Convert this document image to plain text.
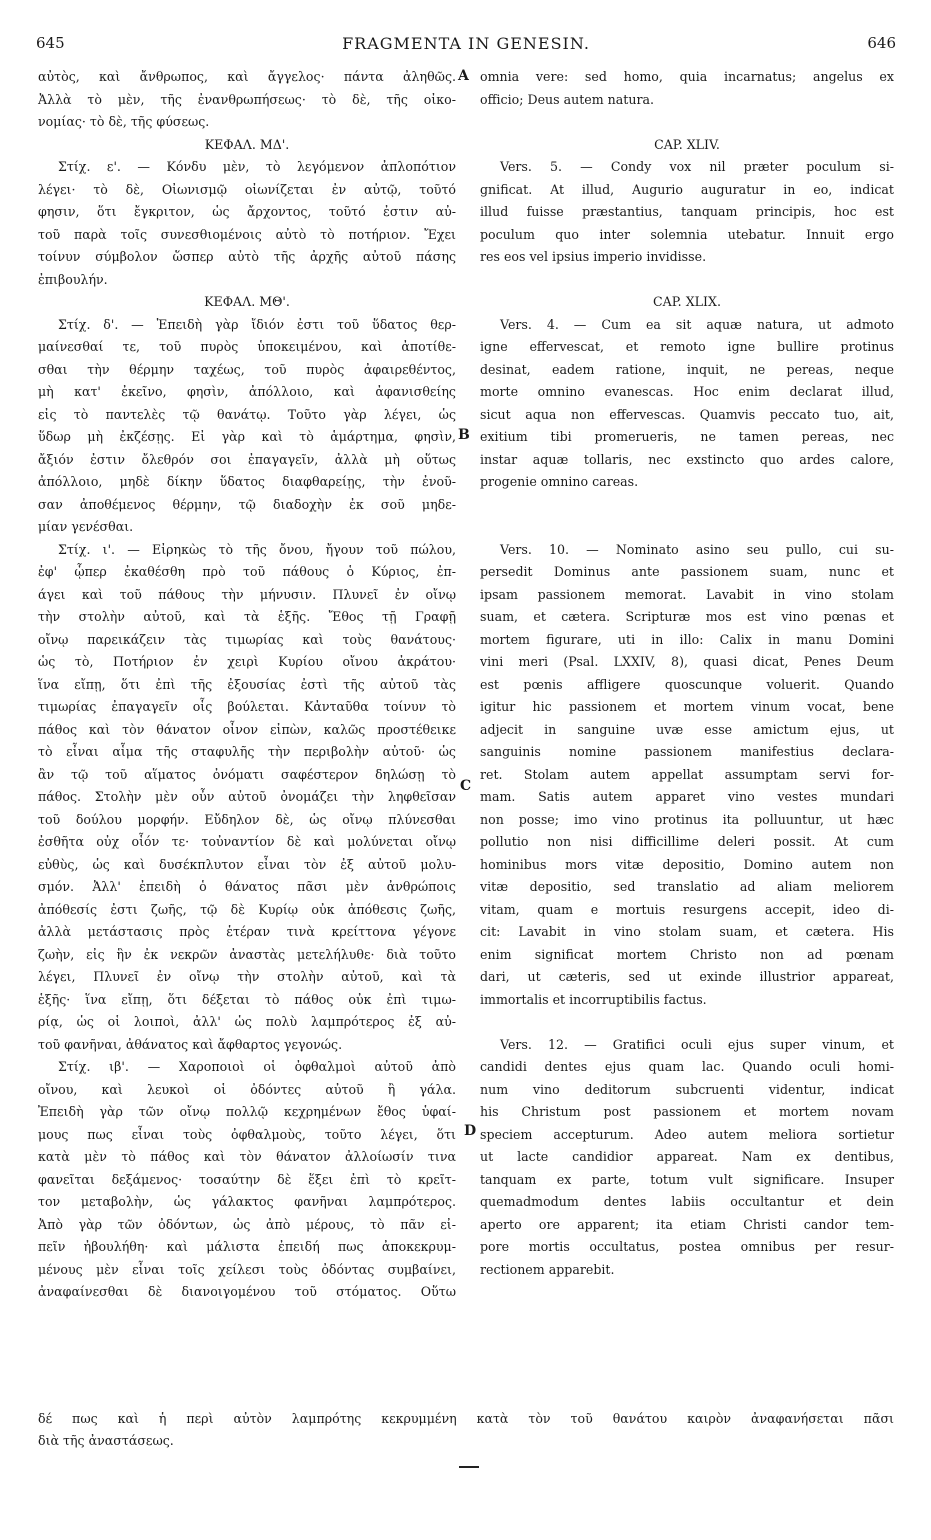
645	FRAGMENTA IN GENESIN.	646

αὐτὸς, καὶ ἄνθρωπος, καὶ ἄγγελος· πάντα ἀληθῶς.

Ἀλλὰ τὸ μὲν, τῆς ἐνανθρωπήσεως· τὸ δὲ, τῆς οἰκο-

νομίας· τὸ δὲ, τῆς φύσεως.

ΚΕΦΑΛ. ΜΔ'.

Στίχ. ε'. — Κόνδυ μὲν, τὸ λεγόμενον ἀπλοπότιον

λέγει· τὸ δὲ, Οἰωνισμῷ οἰωνίζεται ἐν αὐτῷ, τοῦτό

φησιν, ὅτι ἔγκριτον, ὡς ἄρχοντος, τοῦτό ἐστιν αὐ-

τοῦ παρὰ τοῖς συνεσθιομένοις αὐτὸ τὸ ποτήριον. Ἔχει

τοίνυν σύμβολον ὥσπερ αὐτὸ τῆς ἀρχῆς αὐτοῦ πάσης

ἐπιβουλήν.

ΚΕΦΑΛ. ΜΘ'.

Στίχ. δ'. — Ἐπειδὴ γὰρ ἴδιόν ἐστι τοῦ ὕδατος θερ-

μαίνεσθαί τε, τοῦ πυρὸς ὑποκειμένου, καὶ ἀποτίθε-

σθαι τὴν θέρμην ταχέως, τοῦ πυρὸς ἀφαιρεθέντος,

μὴ κατ' ἐκεῖνο, φησὶν, ἀπόλλοιο, καὶ ἀφανισθείης

εἰς τὸ παντελὲς τῷ θανάτῳ. Τοῦτο γὰρ λέγει, ὡς

ὕδωρ μὴ ἐκζέσῃς. Εἰ γὰρ καὶ τὸ ἁμάρτημα, φησὶν,

ἄξιόν ἐστιν ὄλεθρόν σοι ἐπαγαγεῖν, ἀλλὰ μὴ οὕτως

ἀπόλλοιο, μηδὲ δίκην ὕδατος διαφθαρείῃς, τὴν ἐνοῦ-

σαν ἀποθέμενος θέρμην, τῷ διαδοχὴν ἐκ σοῦ μηδε-

μίαν γενέσθαι.

Στίχ. ι'. — Εἰρηκὼς τὸ τῆς ὄνου, ἤγουν τοῦ πώλου,

ἐφ' ᾧπερ ἐκαθέσθη πρὸ τοῦ πάθους ὁ Κύριος, ἐπ-

άγει καὶ τοῦ πάθους τὴν μήνυσιν. Πλυνεῖ ἐν οἴνῳ

τὴν στολὴν αὐτοῦ, καὶ τὰ ἑξῆς. Ἔθος τῇ Γραφῇ

οἴνῳ παρεικάζειν τὰς τιμωρίας καὶ τοὺς θανάτους·

ὡς τὸ, Ποτήριον ἐν χειρὶ Κυρίου οἴνου ἀκράτου·

ἵνα εἴπῃ, ὅτι ἐπὶ τῆς ἐξουσίας ἐστὶ τῆς αὐτοῦ τὰς

τιμωρίας ἐπαγαγεῖν οἷς βούλεται. Κἀνταῦθα τοίνυν τὸ

πάθος καὶ τὸν θάνατον οἶνον εἰπὼν, καλῶς προστέθεικε

τὸ εἶναι αἷμα τῆς σταφυλῆς τὴν περιβολὴν αὐτοῦ· ὡς

ἂν τῷ τοῦ αἵματος ὀνόματι σαφέστερον δηλώσῃ τὸ

πάθος. Στολὴν μὲν οὖν αὐτοῦ ὀνομάζει τὴν ληφθεῖσαν

τοῦ δούλου μορφήν. Εὔδηλον δὲ, ὡς οἴνῳ πλύνεσθαι

ἐσθῆτα οὐχ οἷόν τε· τοὐναντίον δὲ καὶ μολύνεται οἴνῳ

εὐθὺς, ὡς καὶ δυσέκπλυτον εἶναι τὸν ἐξ αὐτοῦ μολυ-

σμόν. Ἀλλ' ἐπειδὴ ὁ θάνατος πᾶσι μὲν ἀνθρώποις

ἀπόθεσίς ἐστι ζωῆς, τῷ δὲ Κυρίῳ οὐκ ἀπόθεσις ζωῆς,

ἀλλὰ μετάστασις πρὸς ἑτέραν τινὰ κρείττονα γέγονε

ζωὴν, εἰς ἣν ἐκ νεκρῶν ἀναστὰς μετελήλυθε· διὰ τοῦτο

λέγει, Πλυνεῖ ἐν οἴνῳ τὴν στολὴν αὐτοῦ, καὶ τὰ

ἑξῆς· ἵνα εἴπῃ, ὅτι δέξεται τὸ πάθος οὐκ ἐπὶ τιμω-

ρίᾳ, ὡς οἱ λοιποὶ, ἀλλ' ὡς πολὺ λαμπρότερος ἐξ αὐ-

τοῦ φανῆναι, ἀθάνατος καὶ ἄφθαρτος γεγονώς.

Στίχ. ιβ'. — Χαροποιοὶ οἱ ὀφθαλμοὶ αὐτοῦ ἀπὸ

οἴνου, καὶ λευκοὶ οἱ ὀδόντες αὐτοῦ ἢ γάλα.

Ἐπειδὴ γὰρ τῶν οἴνῳ πολλῷ κεχρημένων ἔθος ὑφαί-

μους πως εἶναι τοὺς ὀφθαλμοὺς, τοῦτο λέγει, ὅτι

κατὰ μὲν τὸ πάθος καὶ τὸν θάνατον ἀλλοίωσίν τινα

φανεῖται δεξάμενος· τοσαύτην δὲ ἕξει ἐπὶ τὸ κρεῖτ-

τον μεταβολὴν, ὡς γάλακτος φανῆναι λαμπρότερος.

Ἀπὸ γὰρ τῶν ὀδόντων, ὡς ἀπὸ μέρους, τὸ πᾶν εἰ-

πεῖν ἠβουλήθη· καὶ μάλιστα ἐπειδή πως ἀποκεκρυμ-

μένους μὲν εἶναι τοῖς χείλεσι τοὺς ὀδόντας συμβαίνει,

ἀναφαίνεσθαι δὲ διανοιγομένου τοῦ στόματος. Οὕτω

omnia vere: sed homo, quia incarnatus; angelus ex

officio; Deus autem natura.

CAP. XLIV.

Vers. 5. — Condy vox nil præter poculum si-

gnificat. At illud, Augurio auguratur in eo, indicat

illud fuisse præstantius, tanquam principis, hoc est

poculum quo inter solemnia utebatur. Innuit ergo

res eos vel ipsius imperio invidisse.

CAP. XLIX.

Vers. 4. — Cum ea sit aquæ natura, ut admoto

igne effervescat, et remoto igne bullire protinus

desinat, eadem ratione, inquit, ne pereas, neque

morte omnino evanescas. Hoc enim declarat illud,

sicut aqua non effervescas. Quamvis peccato tuo, ait,

exitium tibi promerueris, ne tamen pereas, nec

instar aquæ tollaris, nec exstincto quo ardes calore,

progenie omnino careas.

Vers. 10. — Nominato asino seu pullo, cui su-

persedit Dominus ante passionem suam, nunc et

ipsam passionem memorat. Lavabit in vino stolam

suam, et cætera. Scripturæ mos est vino pœnas et

mortem figurare, uti in illo: Calix in manu Domini

vini meri (Psal. LXXIV, 8), quasi dicat, Penes Deum

est pœnis affligere quoscunque voluerit. Quando

igitur hic passionem et mortem vinum vocat, bene

adjecit in sanguine uvæ esse amictum ejus, ut

sanguinis nomine passionem manifestius declara-

ret. Stolam autem appellat assumptam servi for-

mam. Satis autem apparet vino vestes mundari

non posse; imo vino protinus ita polluuntur, ut hæc

pollutio non nisi difficillime deleri possit. At cum

hominibus mors vitæ depositio, Domino autem non

vitæ depositio, sed translatio ad aliam meliorem

vitam, quam e mortuis resurgens accepit, ideo di-

cit: Lavabit in vino stolam suam, et cætera. His

enim significat mortem Christo non ad pœnam

dari, ut cæteris, sed ut exinde illustrior appareat,

immortalis et incorruptibilis factus.

Vers. 12. — Gratifici oculi ejus super vinum, et

candidi dentes ejus quam lac. Quando oculi homi-

num vino deditorum subcruenti videntur, indicat

his Christum post passionem et mortem novam

speciem accepturum. Adeo autem meliora sortietur

ut lacte candidior appareat. Nam ex dentibus,

tanquam ex parte, totum vult significare. Insuper

quemadmodum dentes labiis occultantur et dein

aperto ore apparent; ita etiam Christi candor tem-

pore mortis occultatus, postea omnibus per resur-

rectionem apparebit.

A
B
C
D
δέ πως καὶ ἡ περὶ αὐτὸν λαμπρότης κεκρυμμένη κατὰ τὸν τοῦ θανάτου καιρὸν ἀναφανήσεται πᾶσι
διὰ τῆς ἀναστάσεως.
